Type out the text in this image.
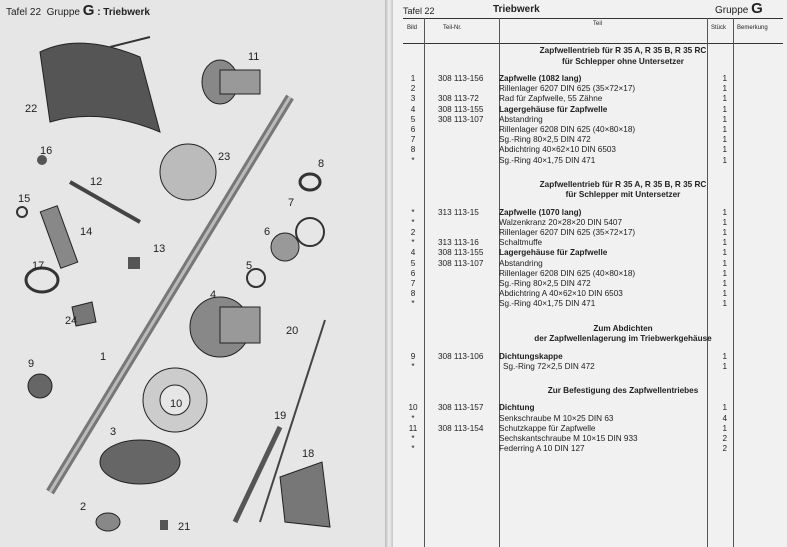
Tafel 22 Gruppe G : Triebwerk
22
11
16	23
8
15
12
7
14
13
6
17	5
4
24
20
9
1
3
10
19
2
21
18
Tafel 22	Triebwerk	Gruppe G
Bild	Teil-Nr.
Teil
Stück Bemerkung
Zapfwellentrieb für R 35 A, R 35 B, R 35 RC
für Schlepper ohne Untersetzer
1	308 113-156 Zapfwelle (1082 lang)	1
2	Rillenlager 6207 DIN 625 (35×72×17)	1
3	308 113-72 Rad für Zapfwelle, 55 Zähne	1
4	308 113-155 Lagergehäuse für Zapfwelle	1
5	308 113-107 Abstandring	1
6	Rillenlager 6208 DIN 625 (40×80×18)	1
7	Sg.-Ring 80×2,5 DIN 472	1
8	Abdichtring 40×62×10 DIN 6503	1
*	Sg.-Ring 40×1,75 DIN 471	1
Zapfwellentrieb für R 35 A, R 35 B, R 35 RC
für Schlepper mit Untersetzer
*	313 113-15 Zapfwelle (1070 lang)	1
*	Walzenkranz 20×28×20 DIN 5407	1
2	Rillenlager 6207 DIN 625 (35×72×17)	1
*	313 113-16 Schaltmuffe	1
4	308 113-155 Lagergehäuse für Zapfwelle	1
5	308 113-107 Abstandring	1
6	Rillenlager 6208 DIN 625 (40×80×18)	1
7	Sg.-Ring 80×2,5 DIN 472	1
8	Abdichtring A 40×62×10 DIN 6503	1
*	Sg.-Ring 40×1,75 DIN 471	1
Zum Abdichten
der Zapfwellenlagerung im Triebwerkgehäuse
9	308 113-106 Dichtungskappe	1
*	Sg.-Ring 72×2,5 DIN 472	1
Zur Befestigung des Zapfwellentriebes
10	308 113-157 Dichtung	1
*	Senkschraube M 10×25 DIN 63	4
11	308 113-154 Schutzkappe für Zapfwelle	1
*	Sechskantschraube M 10×15 DIN 933	2
*	Federring A 10 DIN 127	2
